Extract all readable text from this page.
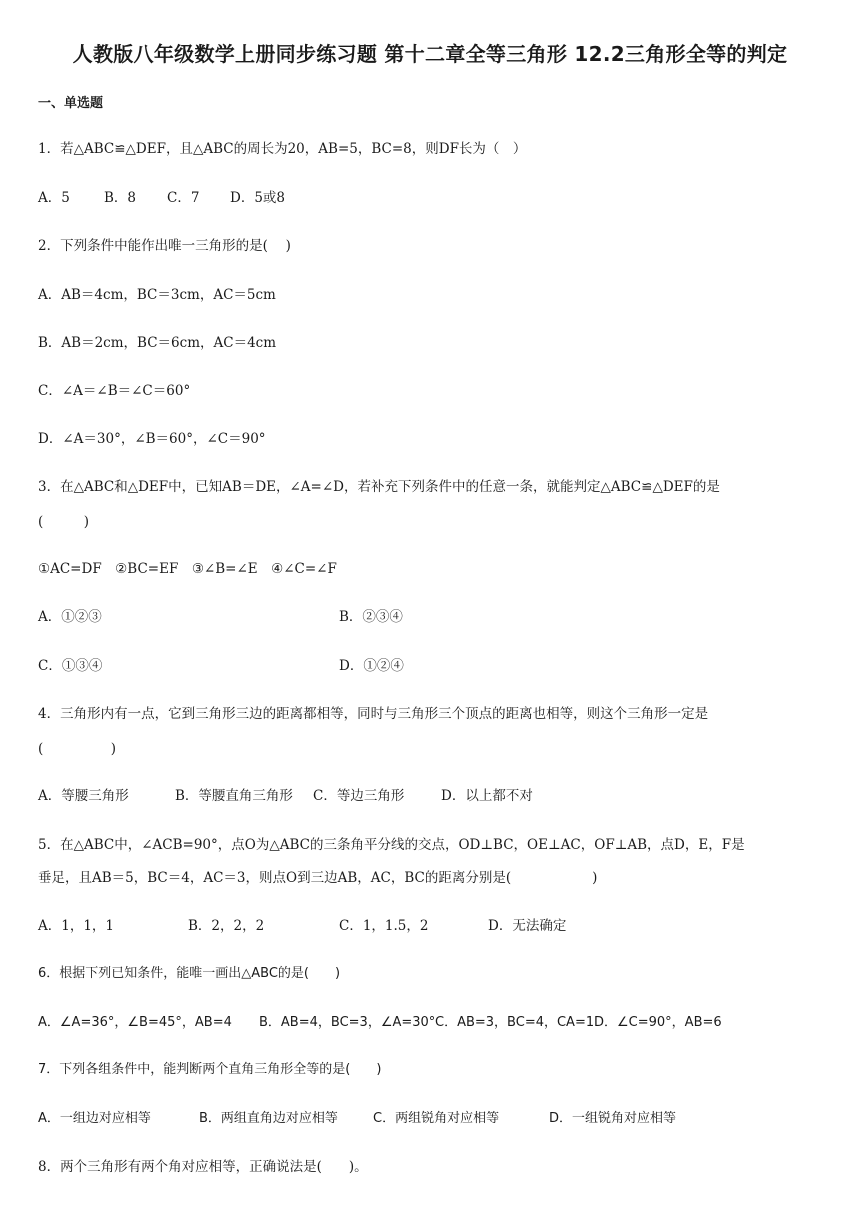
人教版八年级数学上册同步练习题 第十二章全等三角形 12.2三角形全等的判定
一、单选题
1．若△ABC≌△DEF，且△ABC的周长为20，AB=5，BC=8，则DF长为（　）
A．5	B．8 C．7 D．5或8
2．下列条件中能作出唯一三角形的是(　 )
A．AB＝4cm，BC＝3cm，AC＝5cm
B．AB＝2cm，BC＝6cm，AC＝4cm
C．∠A＝∠B＝∠C＝60°
D．∠A＝30°，∠B＝60°，∠C＝90°
3．在△ABC和△DEF中，已知AB＝DE，∠A=∠D，若补充下列条件中的任意一条，就能判定△ABC≌△DEF的是
(　　　)
①AC=DF　②BC=EF　③∠B=∠E　④∠C=∠F
A．①②③	B．②③④
C．①③④	D．①②④
4．三角形内有一点，它到三角形三边的距离都相等，同时与三角形三个顶点的距离也相等，则这个三角形一定是
(　　　　　)
A．等腰三角形	B．等腰直角三角形 C．等边三角形	D．以上都不对
5．在△ABC中，∠ACB=90°，点O为△ABC的三条角平分线的交点，OD⊥BC，OE⊥AC，OF⊥AB，点D，E，F是
垂足，且AB＝5，BC＝4，AC＝3，则点O到三边AB，AC，BC的距离分别是(　　　　　　)
A．1，1，1	B．2，2，2	C．1，1.5，2	D．无法确定
6．根据下列已知条件，能唯一画出△ABC的是(　　)
A．∠A=36°，∠B=45°，AB=4 B．AB=4，BC=3，∠A=30°C．AB=3，BC=4，CA=1D．∠C=90°，AB=6
7．下列各组条件中，能判断两个直角三角形全等的是(　　)
A．一组边对应相等	B．两组直角边对应相等	C．两组锐角对应相等	D．一组锐角对应相等
8．两个三角形有两个角对应相等，正确说法是(　　)。
